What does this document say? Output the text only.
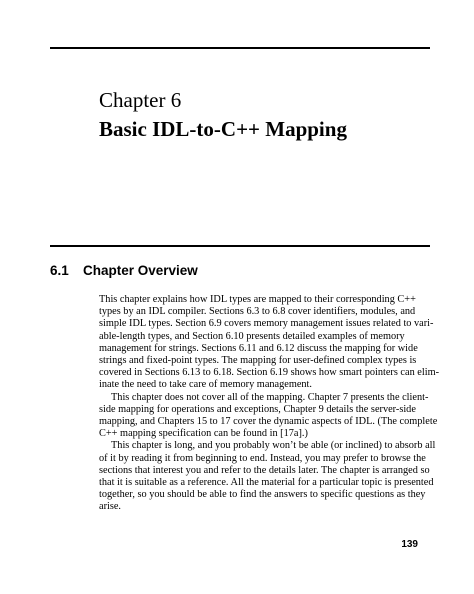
Chapter 6
Basic IDL-to-C++ Mapping
6.1 Chapter Overview
This chapter explains how IDL types are mapped to their corresponding C++
types by an IDL compiler. Sections 6.3 to 6.8 cover identifiers, modules, and
simple IDL types. Section 6.9 covers memory management issues related to vari-
able-length types, and Section 6.10 presents detailed examples of memory
management for strings. Sections 6.11 and 6.12 discuss the mapping for wide
strings and fixed-point types. The mapping for user-defined complex types is
covered in Sections 6.13 to 6.18. Section 6.19 shows how smart pointers can elim-
inate the need to take care of memory management.
This chapter does not cover all of the mapping. Chapter 7 presents the client-
side mapping for operations and exceptions, Chapter 9 details the server-side
mapping, and Chapters 15 to 17 cover the dynamic aspects of IDL. (The complete
C++ mapping specification can be found in [17a].)
This chapter is long, and you probably won’t be able (or inclined) to absorb all
of it by reading it from beginning to end. Instead, you may prefer to browse the
sections that interest you and refer to the details later. The chapter is arranged so
that it is suitable as a reference. All the material for a particular topic is presented
together, so you should be able to find the answers to specific questions as they
arise.
139
